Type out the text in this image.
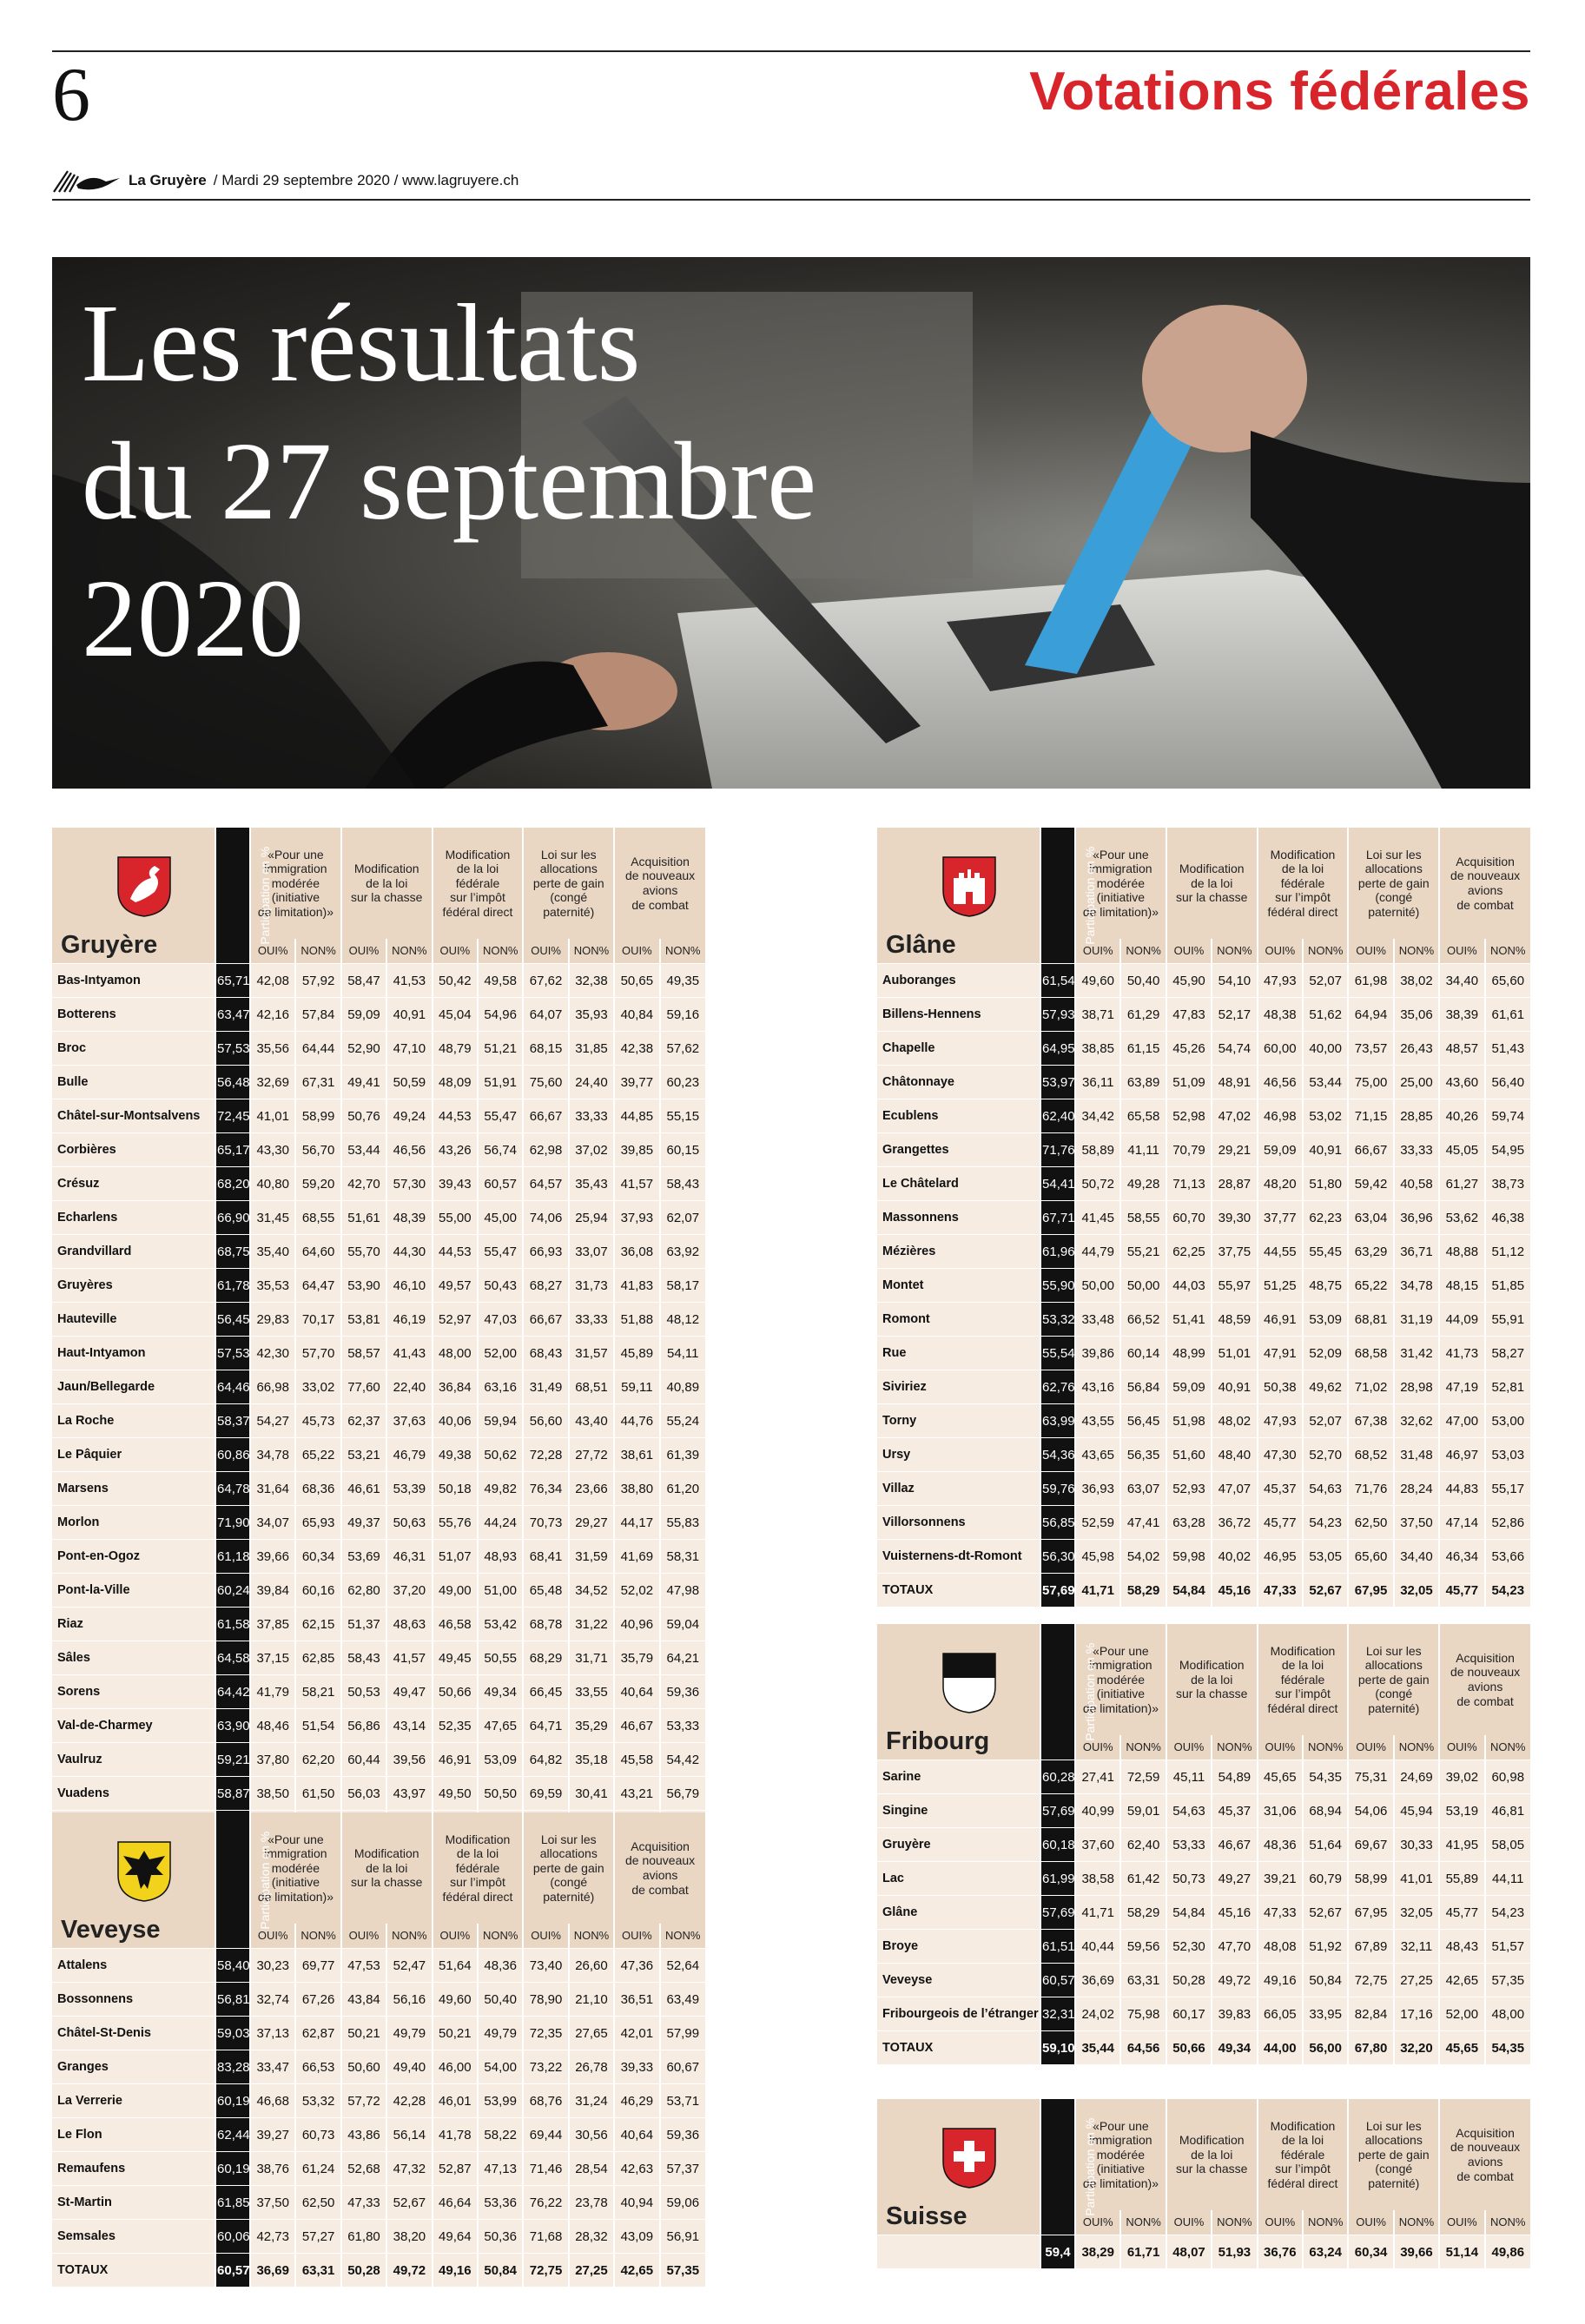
6	Votations fédérales
La Gruyère / Mardi 29 septembre 2020 / www.lagruyere.ch
Les résultats
du 27 septembre
2020
Gruyère	Participation en %	«Pour une
immigration
modérée
(initiative
de limitation)»		Modification
de la loi
sur la chasse		Modification
de la loi fédérale
sur l’impôt
fédéral direct		Loi sur les
allocations
perte de gain
(congé paternité)		Acquisition
de nouveaux
avions
de combat	
		OUI%	NON%	OUI%	NON%	OUI%	NON%	OUI%	NON%	OUI%	NON%
Bas-Intyamon	65,71	42,08	57,92	58,47	41,53	50,42	49,58	67,62	32,38	50,65	49,35
Botterens	63,47	42,16	57,84	59,09	40,91	45,04	54,96	64,07	35,93	40,84	59,16
Broc	57,53	35,56	64,44	52,90	47,10	48,79	51,21	68,15	31,85	42,38	57,62
Bulle	56,48	32,69	67,31	49,41	50,59	48,09	51,91	75,60	24,40	39,77	60,23
Châtel-sur-Montsalvens	72,45	41,01	58,99	50,76	49,24	44,53	55,47	66,67	33,33	44,85	55,15
Corbières	65,17	43,30	56,70	53,44	46,56	43,26	56,74	62,98	37,02	39,85	60,15
Crésuz	68,20	40,80	59,20	42,70	57,30	39,43	60,57	64,57	35,43	41,57	58,43
Echarlens	66,90	31,45	68,55	51,61	48,39	55,00	45,00	74,06	25,94	37,93	62,07
Grandvillard	68,75	35,40	64,60	55,70	44,30	44,53	55,47	66,93	33,07	36,08	63,92
Gruyères	61,78	35,53	64,47	53,90	46,10	49,57	50,43	68,27	31,73	41,83	58,17
Hauteville	56,45	29,83	70,17	53,81	46,19	52,97	47,03	66,67	33,33	51,88	48,12
Haut-Intyamon	57,53	42,30	57,70	58,57	41,43	48,00	52,00	68,43	31,57	45,89	54,11
Jaun/Bellegarde	64,46	66,98	33,02	77,60	22,40	36,84	63,16	31,49	68,51	59,11	40,89
La Roche	58,37	54,27	45,73	62,37	37,63	40,06	59,94	56,60	43,40	44,76	55,24
Le Pâquier	60,86	34,78	65,22	53,21	46,79	49,38	50,62	72,28	27,72	38,61	61,39
Marsens	64,78	31,64	68,36	46,61	53,39	50,18	49,82	76,34	23,66	38,80	61,20
Morlon	71,90	34,07	65,93	49,37	50,63	55,76	44,24	70,73	29,27	44,17	55,83
Pont-en-Ogoz	61,18	39,66	60,34	53,69	46,31	51,07	48,93	68,41	31,59	41,69	58,31
Pont-la-Ville	60,24	39,84	60,16	62,80	37,20	49,00	51,00	65,48	34,52	52,02	47,98
Riaz	61,58	37,85	62,15	51,37	48,63	46,58	53,42	68,78	31,22	40,96	59,04
Sâles	64,58	37,15	62,85	58,43	41,57	49,45	50,55	68,29	31,71	35,79	64,21
Sorens	64,42	41,79	58,21	50,53	49,47	50,66	49,34	66,45	33,55	40,64	59,36
Val-de-Charmey	63,90	48,46	51,54	56,86	43,14	52,35	47,65	64,71	35,29	46,67	53,33
Vaulruz	59,21	37,80	62,20	60,44	39,56	46,91	53,09	64,82	35,18	45,58	54,42
Vuadens	58,87	38,50	61,50	56,03	43,97	49,50	50,50	69,59	30,41	43,21	56,79

Veveyse	Participation en %	«Pour une
immigration
modérée
(initiative
de limitation)»		Modification
de la loi
sur la chasse		Modification
de la loi fédérale
sur l’impôt
fédéral direct		Loi sur les
allocations
perte de gain
(congé paternité)		Acquisition
de nouveaux
avions
de combat	
		OUI%	NON%	OUI%	NON%	OUI%	NON%	OUI%	NON%	OUI%	NON%
Attalens	58,40	30,23	69,77	47,53	52,47	51,64	48,36	73,40	26,60	47,36	52,64
Bossonnens	56,81	32,74	67,26	43,84	56,16	49,60	50,40	78,90	21,10	36,51	63,49
Châtel-St-Denis	59,03	37,13	62,87	50,21	49,79	50,21	49,79	72,35	27,65	42,01	57,99
Granges	83,28	33,47	66,53	50,60	49,40	46,00	54,00	73,22	26,78	39,33	60,67
La Verrerie	60,19	46,68	53,32	57,72	42,28	46,01	53,99	68,76	31,24	46,29	53,71
Le Flon	62,44	39,27	60,73	43,86	56,14	41,78	58,22	69,44	30,56	40,64	59,36
Remaufens	60,19	38,76	61,24	52,68	47,32	52,87	47,13	71,46	28,54	42,63	57,37
St-Martin	61,85	37,50	62,50	47,33	52,67	46,64	53,36	76,22	23,78	40,94	59,06
Semsales	60,06	42,73	57,27	61,80	38,20	49,64	50,36	71,68	28,32	43,09	56,91
TOTAUX	60,57	36,69	63,31	50,28	49,72	49,16	50,84	72,75	27,25	42,65	57,35
Glâne	Participation en %	«Pour une
immigration
modérée
(initiative
de limitation)»		Modification
de la loi
sur la chasse		Modification
de la loi fédérale
sur l’impôt
fédéral direct		Loi sur les
allocations
perte de gain
(congé paternité)		Acquisition
de nouveaux
avions
de combat	
		OUI%	NON%	OUI%	NON%	OUI%	NON%	OUI%	NON%	OUI%	NON%
Auboranges	61,54	49,60	50,40	45,90	54,10	47,93	52,07	61,98	38,02	34,40	65,60
Billens-Hennens	57,93	38,71	61,29	47,83	52,17	48,38	51,62	64,94	35,06	38,39	61,61
Chapelle	64,95	38,85	61,15	45,26	54,74	60,00	40,00	73,57	26,43	48,57	51,43
Châtonnaye	53,97	36,11	63,89	51,09	48,91	46,56	53,44	75,00	25,00	43,60	56,40
Ecublens	62,40	34,42	65,58	52,98	47,02	46,98	53,02	71,15	28,85	40,26	59,74
Grangettes	71,76	58,89	41,11	70,79	29,21	59,09	40,91	66,67	33,33	45,05	54,95
Le Châtelard	54,41	50,72	49,28	71,13	28,87	48,20	51,80	59,42	40,58	61,27	38,73
Massonnens	67,71	41,45	58,55	60,70	39,30	37,77	62,23	63,04	36,96	53,62	46,38
Mézières	61,96	44,79	55,21	62,25	37,75	44,55	55,45	63,29	36,71	48,88	51,12
Montet	55,90	50,00	50,00	44,03	55,97	51,25	48,75	65,22	34,78	48,15	51,85
Romont	53,32	33,48	66,52	51,41	48,59	46,91	53,09	68,81	31,19	44,09	55,91
Rue	55,54	39,86	60,14	48,99	51,01	47,91	52,09	68,58	31,42	41,73	58,27
Siviriez	62,76	43,16	56,84	59,09	40,91	50,38	49,62	71,02	28,98	47,19	52,81
Torny	63,99	43,55	56,45	51,98	48,02	47,93	52,07	67,38	32,62	47,00	53,00
Ursy	54,36	43,65	56,35	51,60	48,40	47,30	52,70	68,52	31,48	46,97	53,03
Villaz	59,76	36,93	63,07	52,93	47,07	45,37	54,63	71,76	28,24	44,83	55,17
Villorsonnens	56,85	52,59	47,41	63,28	36,72	45,77	54,23	62,50	37,50	47,14	52,86
Vuisternens-dt-Romont	56,30	45,98	54,02	59,98	40,02	46,95	53,05	65,60	34,40	46,34	53,66
TOTAUX	57,69	41,71	58,29	54,84	45,16	47,33	52,67	67,95	32,05	45,77	54,23
Fribourg	Participation en %	«Pour une
immigration
modérée
(initiative
de limitation)»		Modification
de la loi
sur la chasse		Modification
de la loi fédérale
sur l’impôt
fédéral direct		Loi sur les
allocations
perte de gain
(congé paternité)		Acquisition
de nouveaux
avions
de combat	
		OUI%	NON%	OUI%	NON%	OUI%	NON%	OUI%	NON%	OUI%	NON%
Sarine	60,28	27,41	72,59	45,11	54,89	45,65	54,35	75,31	24,69	39,02	60,98
Singine	57,69	40,99	59,01	54,63	45,37	31,06	68,94	54,06	45,94	53,19	46,81
Gruyère	60,18	37,60	62,40	53,33	46,67	48,36	51,64	69,67	30,33	41,95	58,05
Lac	61,99	38,58	61,42	50,73	49,27	39,21	60,79	58,99	41,01	55,89	44,11
Glâne	57,69	41,71	58,29	54,84	45,16	47,33	52,67	67,95	32,05	45,77	54,23
Broye	61,51	40,44	59,56	52,30	47,70	48,08	51,92	67,89	32,11	48,43	51,57
Veveyse	60,57	36,69	63,31	50,28	49,72	49,16	50,84	72,75	27,25	42,65	57,35
Fribourgeois de l’étranger	32,31	24,02	75,98	60,17	39,83	66,05	33,95	82,84	17,16	52,00	48,00
TOTAUX	59,10	35,44	64,56	50,66	49,34	44,00	56,00	67,80	32,20	45,65	54,35
Suisse	Participation en %	«Pour une
immigration
modérée
(initiative
de limitation)»		Modification
de la loi
sur la chasse		Modification
de la loi fédérale
sur l’impôt
fédéral direct		Loi sur les
allocations
perte de gain
(congé paternité)		Acquisition
de nouveaux
avions
de combat	
		OUI%	NON%	OUI%	NON%	OUI%	NON%	OUI%	NON%	OUI%	NON%
	59,4	38,29	61,71	48,07	51,93	36,76	63,24	60,34	39,66	51,14	49,86
